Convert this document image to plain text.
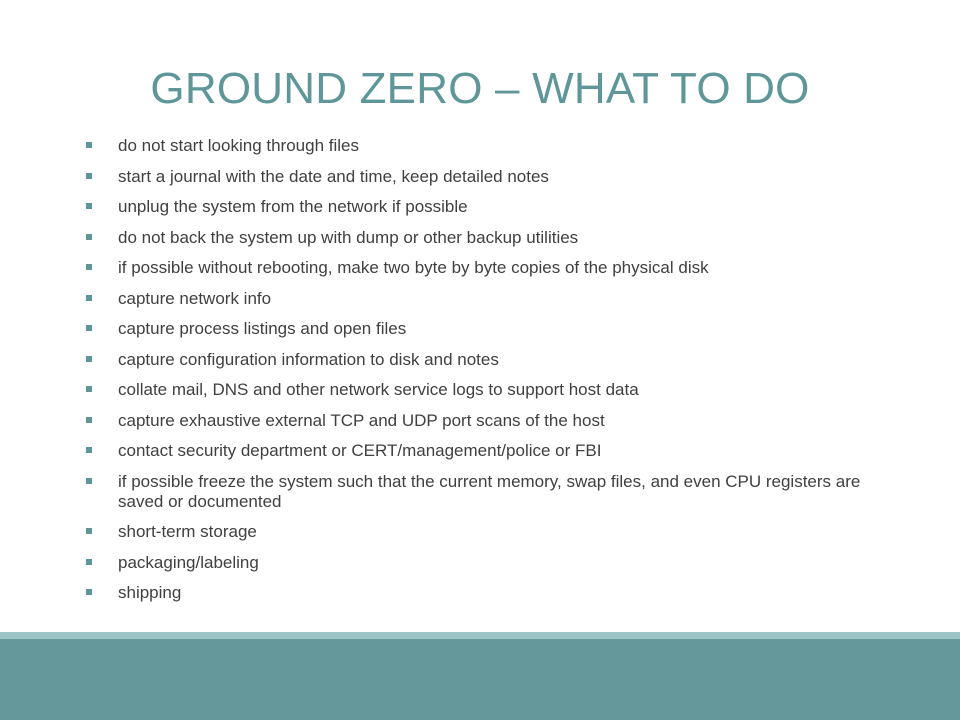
GROUND ZERO – WHAT TO DO
do not start looking through files
start a journal with the date and time, keep detailed notes
unplug the system from the network if possible
do not back the system up with dump or other backup utilities
if possible without rebooting, make two byte by byte copies of the physical disk
capture network info
capture process listings and open files
capture configuration information to disk and notes
collate mail, DNS and other network service logs to support host data
capture exhaustive external TCP and UDP port scans of the host
contact security department or CERT/management/police or FBI
if possible freeze the system such that the current memory, swap files, and even CPU registers are saved or documented
short-term storage
packaging/labeling
shipping
